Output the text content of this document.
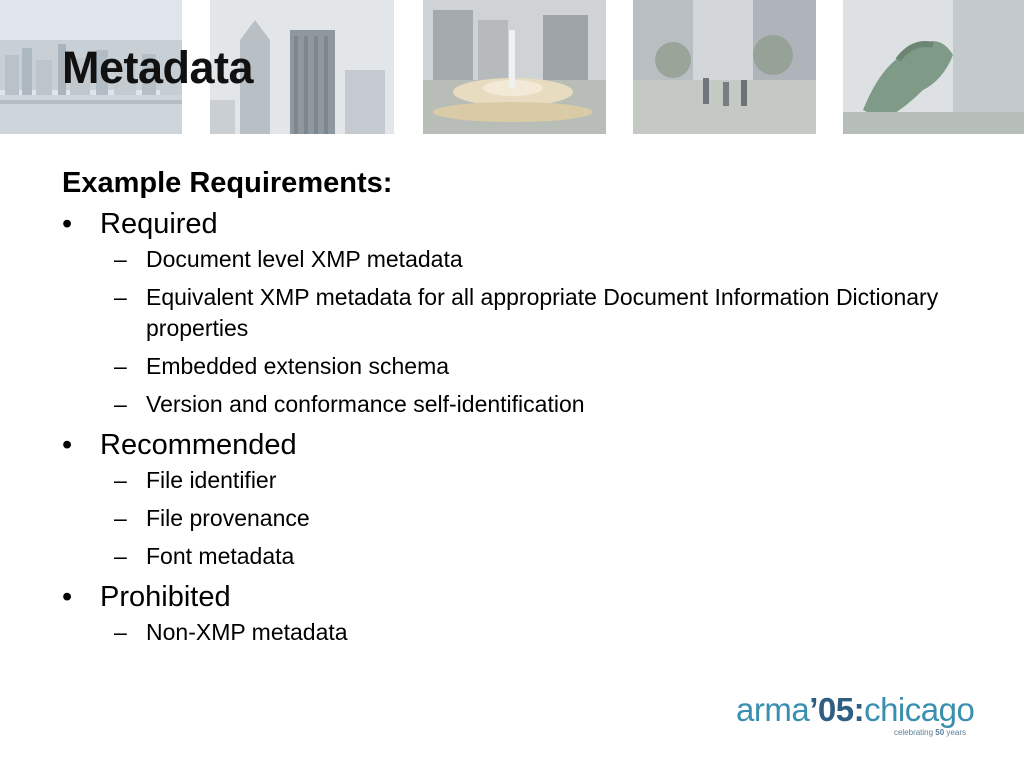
Metadata
Example Requirements:
• Required
– Document level XMP metadata
– Equivalent XMP metadata for all appropriate Document Information Dictionary properties
– Embedded extension schema
– Version and conformance self-identification
• Recommended
– File identifier
– File provenance
– Font metadata
• Prohibited
– Non-XMP metadata
arma’05:chicago
celebrating 50 years
